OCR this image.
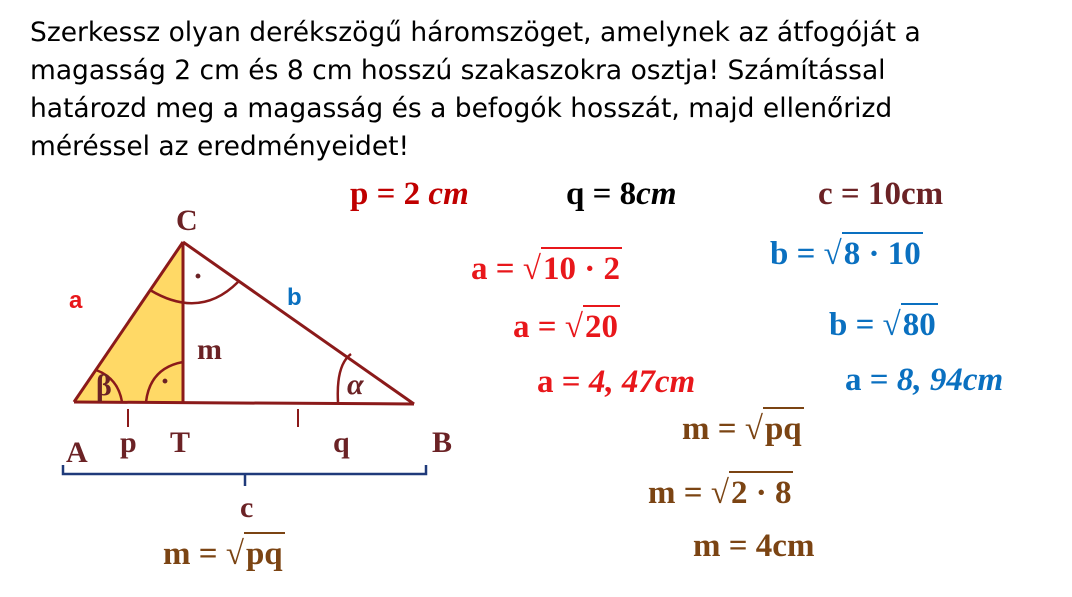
Szerkessz olyan derékszögű háromszöget, amelynek az átfogóját a
magasság 2 cm és 8 cm hosszú szakaszokra osztja! Számítással
határozd meg a magasság és a befogók hosszát, majd ellenőrizd
méréssel az eredményeidet!
C
A	B
T
p	q
m
c
a	b
β	α
·
·
m = √pq
p = 2 cm	q = 8cm	c = 10cm
a = √10 · 2
a = √20
a = 4, 47cm
b = √8 · 10
b = √80
a = 8, 94cm
m = √pq
m = √2 · 8
m = 4cm
